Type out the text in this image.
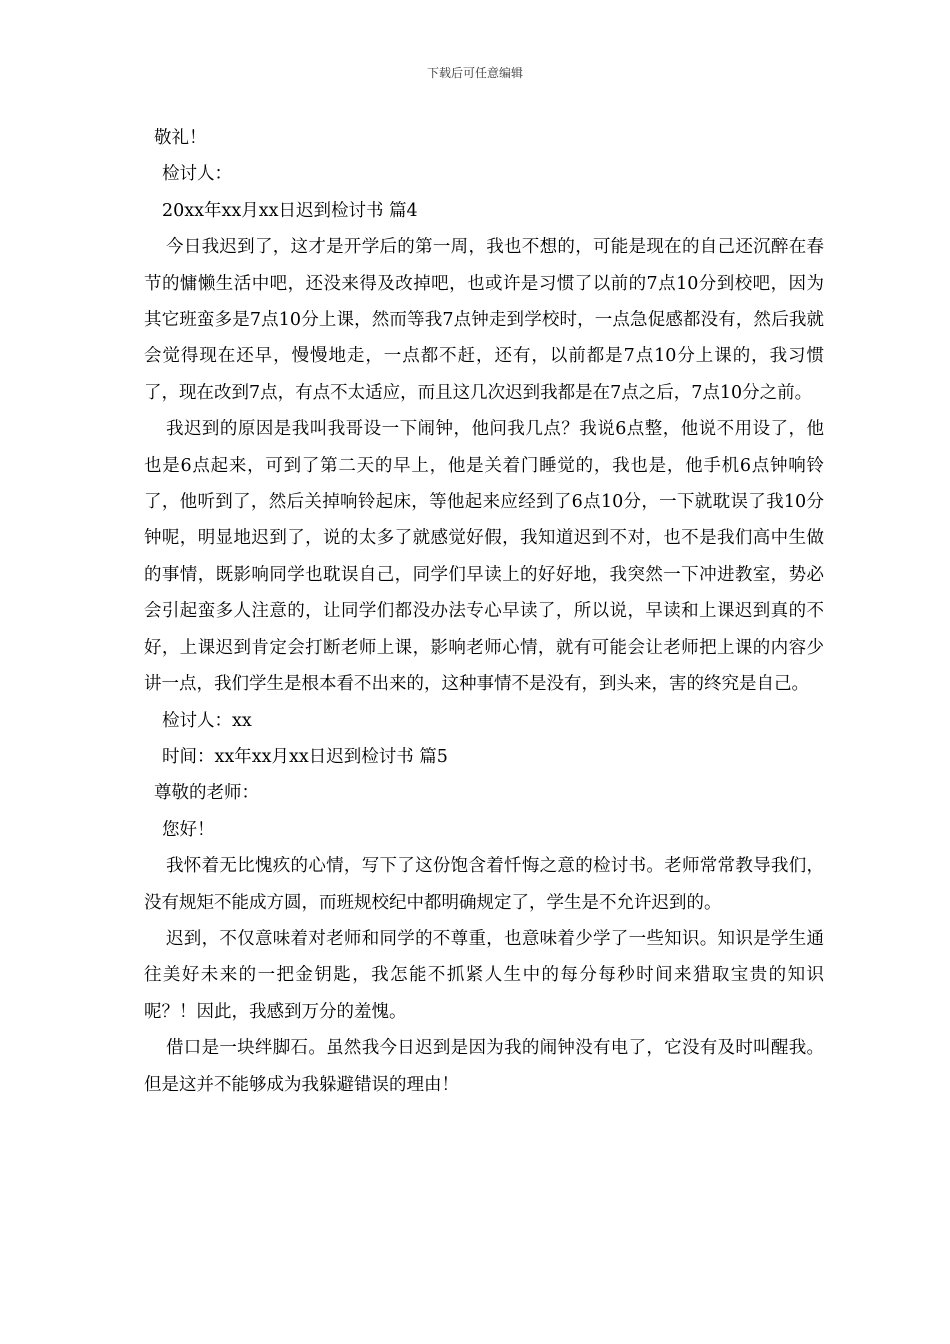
下载后可任意编辑
敬礼！
检讨人：
20xx年xx月xx日迟到检讨书 篇4
今日我迟到了，这才是开学后的第一周，我也不想的，可能是现在的自己还沉醉在春节的慵懒生活中吧，还没来得及改掉吧，也或许是习惯了以前的7点10分到校吧，因为其它班蛮多是7点10分上课，然而等我7点钟走到学校时，一点急促感都没有，然后我就会觉得现在还早，慢慢地走，一点都不赶，还有，以前都是7点10分上课的，我习惯了，现在改到7点，有点不太适应，而且这几次迟到我都是在7点之后，7点10分之前。
我迟到的原因是我叫我哥设一下闹钟，他问我几点？我说6点整，他说不用设了，他也是6点起来，可到了第二天的早上，他是关着门睡觉的，我也是，他手机6点钟响铃了，他听到了，然后关掉响铃起床，等他起来应经到了6点10分，一下就耽误了我10分钟呢，明显地迟到了，说的太多了就感觉好假，我知道迟到不对，也不是我们高中生做的事情，既影响同学也耽误自己，同学们早读上的好好地，我突然一下冲进教室，势必会引起蛮多人注意的，让同学们都没办法专心早读了，所以说，早读和上课迟到真的不好，上课迟到肯定会打断老师上课，影响老师心情，就有可能会让老师把上课的内容少讲一点，我们学生是根本看不出来的，这种事情不是没有，到头来，害的终究是自己。
检讨人：xx
时间：xx年xx月xx日迟到检讨书 篇5
尊敬的老师：
您好！
我怀着无比愧疚的心情，写下了这份饱含着忏悔之意的检讨书。老师常常教导我们，没有规矩不能成方圆，而班规校纪中都明确规定了，学生是不允许迟到的。
迟到，不仅意味着对老师和同学的不尊重，也意味着少学了一些知识。知识是学生通往美好未来的一把金钥匙，我怎能不抓紧人生中的每分每秒时间来猎取宝贵的知识呢？！因此，我感到万分的羞愧。
借口是一块绊脚石。虽然我今日迟到是因为我的闹钟没有电了，它没有及时叫醒我。但是这并不能够成为我躲避错误的理由！
